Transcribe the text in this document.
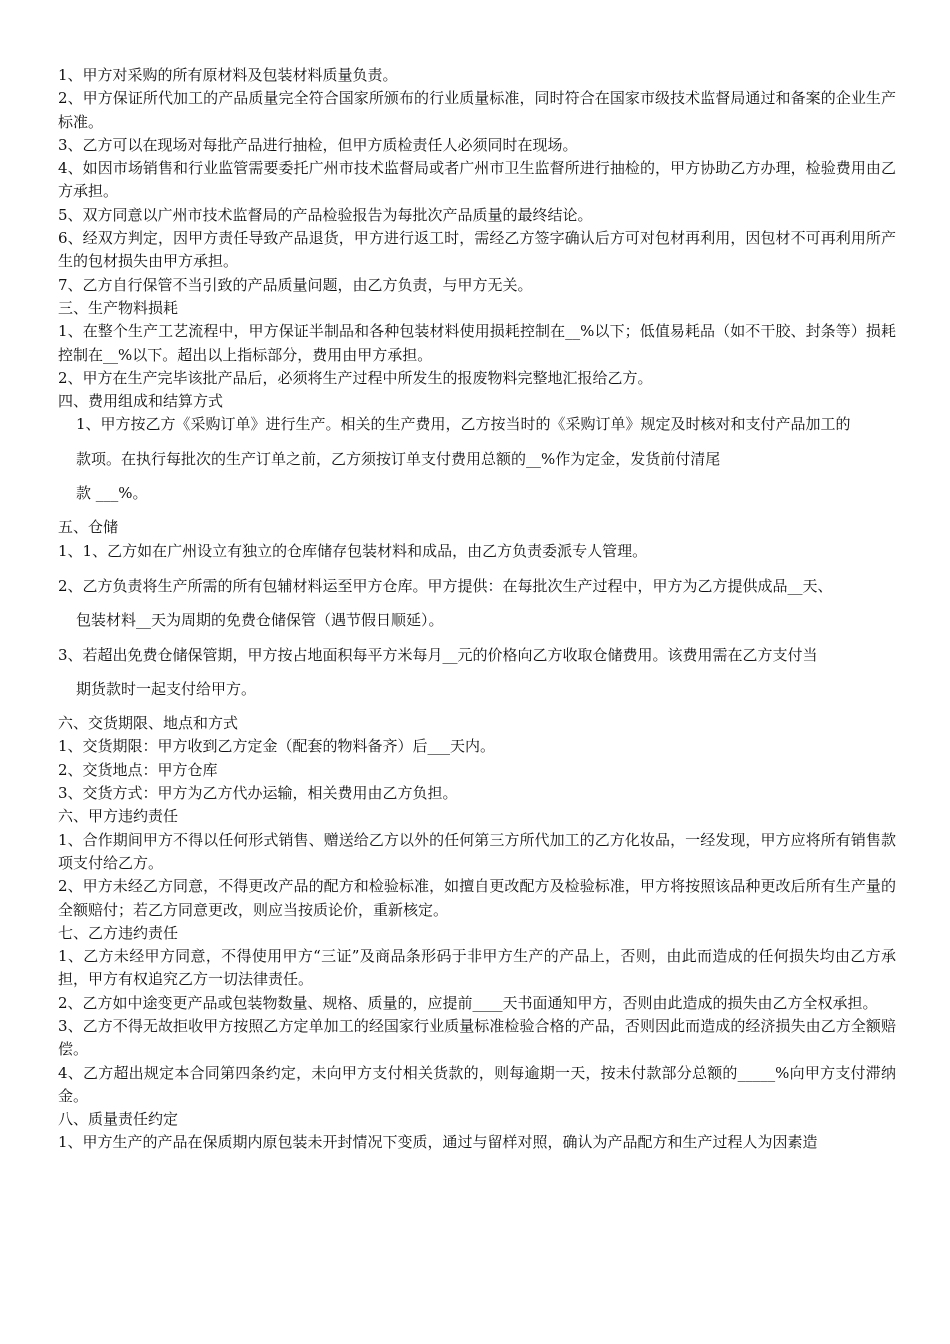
1、甲方对采购的所有原材料及包装材料质量负责。

2、甲方保证所代加工的产品质量完全符合国家所颁布的行业质量标准，同时符合在国家市级技术监督局通过和备案的企业生产标准。

3、乙方可以在现场对每批产品进行抽检，但甲方质检责任人必须同时在现场。

4、如因市场销售和行业监管需要委托广州市技术监督局或者广州市卫生监督所进行抽检的，甲方协助乙方办理，检验费用由乙方承担。

5、双方同意以广州市技术监督局的产品检验报告为每批次产品质量的最终结论。

6、经双方判定，因甲方责任导致产品退货，甲方进行返工时，需经乙方签字确认后方可对包材再利用，因包材不可再利用所产生的包材损失由甲方承担。

7、乙方自行保管不当引致的产品质量问题，由乙方负责，与甲方无关。

三、生产物料损耗

1、在整个生产工艺流程中，甲方保证半制品和各种包装材料使用损耗控制在__%以下；低值易耗品（如不干胶、封条等）损耗控制在__%以下。超出以上指标部分，费用由甲方承担。

2、甲方在生产完毕该批产品后，必须将生产过程中所发生的报废物料完整地汇报给乙方。

四、费用组成和结算方式

1、甲方按乙方《采购订单》进行生产。相关的生产费用，乙方按当时的《采购订单》规定及时核对和支付产品加工的

款项。在执行每批次的生产订单之前，乙方须按订单支付费用总额的__%作为定金，发货前付清尾

款 ___%。

五、仓储

1、1、乙方如在广州设立有独立的仓库储存包装材料和成品，由乙方负责委派专人管理。

2、乙方负责将生产所需的所有包辅材料运至甲方仓库。甲方提供：在每批次生产过程中，甲方为乙方提供成品__天、

包装材料__天为周期的免费仓储保管（遇节假日顺延）。

3、若超出免费仓储保管期，甲方按占地面积每平方米每月__元的价格向乙方收取仓储费用。该费用需在乙方支付当

期货款时一起支付给甲方。

六、交货期限、地点和方式

1、交货期限：甲方收到乙方定金（配套的物料备齐）后___天内。

2、交货地点：甲方仓库

3、交货方式：甲方为乙方代办运输，相关费用由乙方负担。

六、甲方违约责任

1、合作期间甲方不得以任何形式销售、赠送给乙方以外的任何第三方所代加工的乙方化妆品，一经发现，甲方应将所有销售款项支付给乙方。

2、甲方未经乙方同意，不得更改产品的配方和检验标准，如擅自更改配方及检验标准，甲方将按照该品种更改后所有生产量的全额赔付；若乙方同意更改，则应当按质论价，重新核定。

七、乙方违约责任

1、乙方未经甲方同意，不得使用甲方“三证”及商品条形码于非甲方生产的产品上，否则，由此而造成的任何损失均由乙方承担，甲方有权追究乙方一切法律责任。

2、乙方如中途变更产品或包装物数量、规格、质量的，应提前____天书面通知甲方，否则由此造成的损失由乙方全权承担。

3、乙方不得无故拒收甲方按照乙方定单加工的经国家行业质量标准检验合格的产品，否则因此而造成的经济损失由乙方全额赔偿。

4、乙方超出规定本合同第四条约定，未向甲方支付相关货款的，则每逾期一天，按未付款部分总额的_____%向甲方支付滞纳金。

八、质量责任约定

1、甲方生产的产品在保质期内原包装未开封情况下变质，通过与留样对照，确认为产品配方和生产过程人为因素造
